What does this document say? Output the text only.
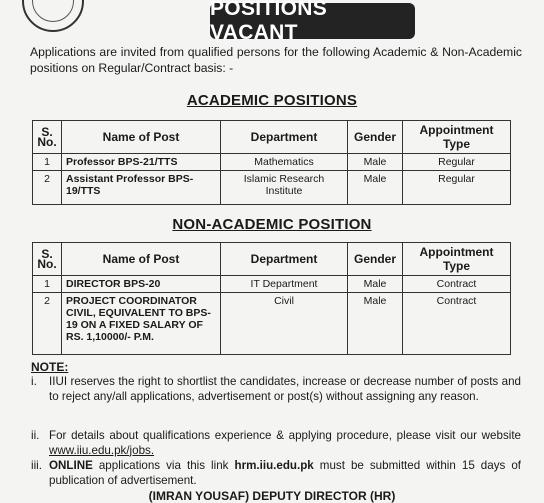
POSITIONS VACANT
Applications are invited from qualified persons for the following Academic & Non-Academic positions on Regular/Contract basis: -
ACADEMIC POSITIONS
S. No.	Name of Post	Department	Gender	Appointment Type
1	Professor BPS-21/TTS	Mathematics	Male	Regular
2	Assistant Professor BPS-19/TTS	Islamic Research Institute	Male	Regular
NON-ACADEMIC POSITION
S. No.	Name of Post	Department	Gender	Appointment Type
1	DIRECTOR BPS-20	IT Department	Male	Contract
2	PROJECT COORDINATOR CIVIL, EQUIVALENT TO BPS-19 ON A FIXED SALARY OF RS. 1,10000/- P.M.	Civil	Male	Contract
NOTE:
i. IIUI reserves the right to shortlist the candidates, increase or decrease number of posts and to reject any/all applications, advertisement or post(s) without assigning any reason.
ii. For details about qualifications experience & applying procedure, please visit our website www.iiu.edu.pk/jobs.
iii. ONLINE applications via this link hrm.iiu.edu.pk must be submitted within 15 days of publication of advertisement.
(IMRAN YOUSAF) DEPUTY DIRECTOR (HR)
